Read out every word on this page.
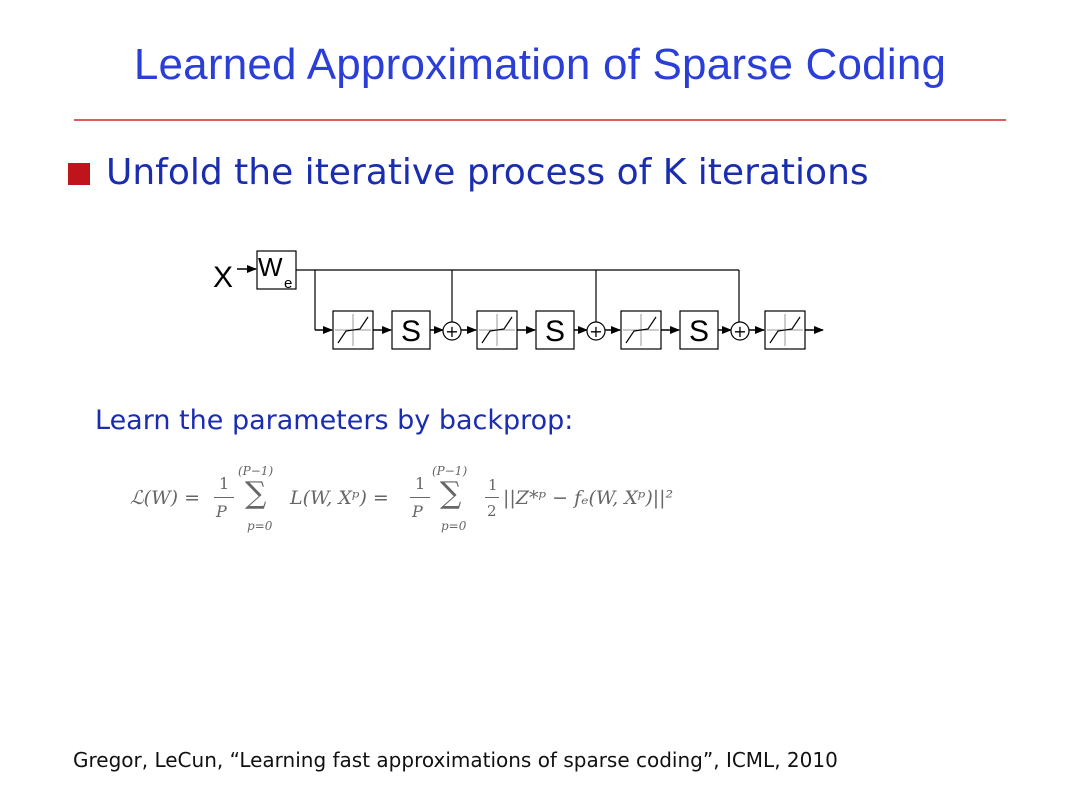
Learned Approximation of Sparse Coding
Unfold the iterative process of K iterations
X W
e
S	S	S
+	+	+
Learn the parameters by backprop:
ℒ(W) =
1
P
(P−1)
∑
p=0
L(W, Xᵖ) =
1
P
(P−1)
∑
p=0
1
2
||Z*ᵖ − fₑ(W, Xᵖ)||²
Gregor, LeCun, “Learning fast approximations of sparse coding”, ICML, 2010
